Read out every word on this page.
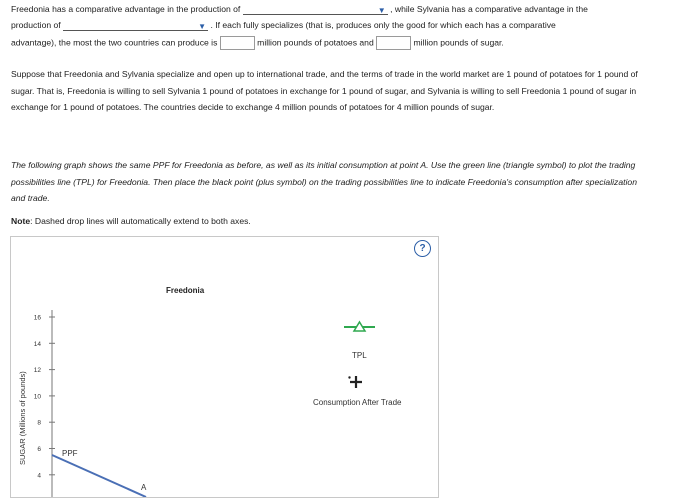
Freedonia has a comparative advantage in the production of	▼ , while Sylvania has a comparative advantage in the
production of	▼ . If each fully specializes (that is, produces only the good for which each has a comparative
advantage), the most the two countries can produce is	million pounds of potatoes and	million pounds of sugar.
Suppose that Freedonia and Sylvania specialize and open up to international trade, and the terms of trade in the world market are 1 pound of potatoes for 1 pound of sugar. That is, Freedonia is willing to sell Sylvania 1 pound of potatoes in exchange for 1 pound of sugar, and Sylvania is willing to sell Freedonia 1 pound of sugar in exchange for 1 pound of potatoes. The countries decide to exchange 4 million pounds of potatoes for 4 million pounds of sugar.
The following graph shows the same PPF for Freedonia as before, as well as its initial consumption at point A. Use the green line (triangle symbol) to plot the trading possibilities line (TPL) for Freedonia. Then place the black point (plus symbol) on the trading possibilities line to indicate Freedonia's consumption after specialization and trade.
Note: Dashed drop lines will automatically extend to both axes.
Freedonia
SUGAR (Millions of pounds)
16
14
12
10
8
6
4
PPF
A
TPL
Consumption After Trade
?
